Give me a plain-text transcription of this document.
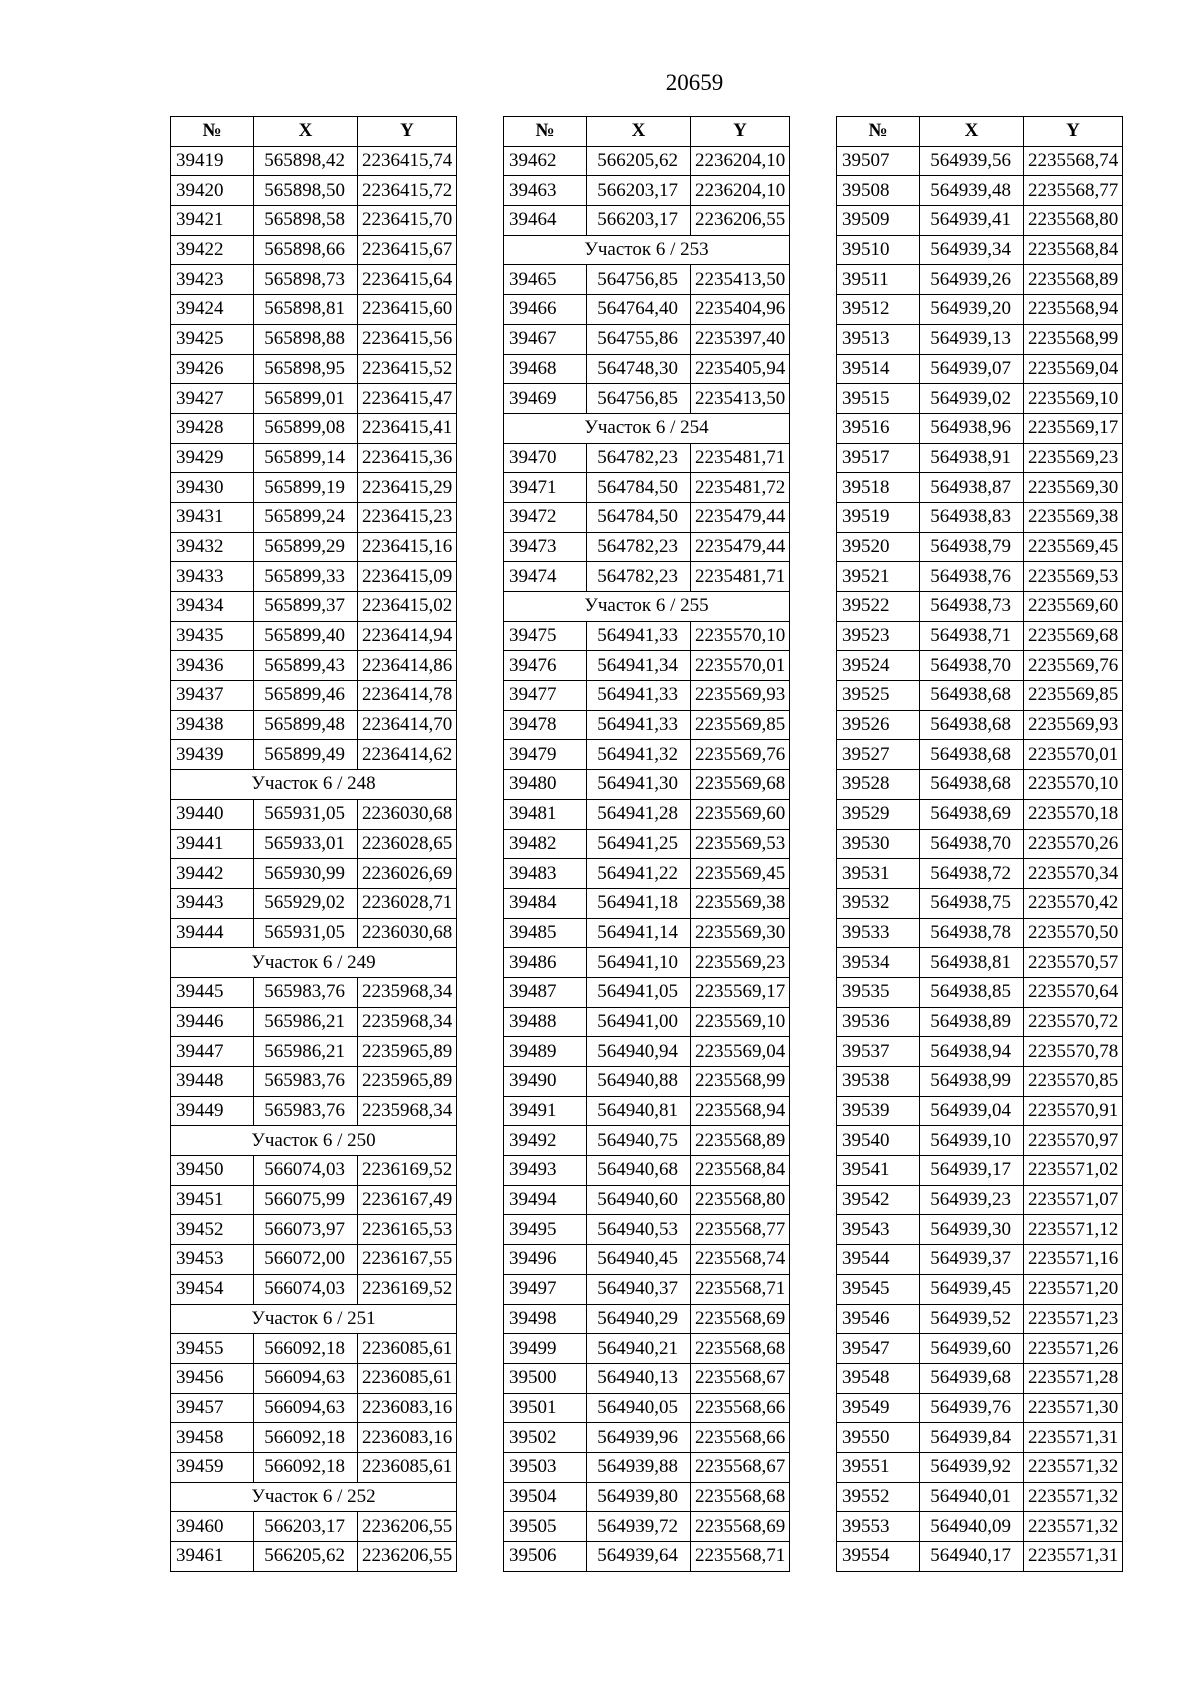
20659
№	X	Y
39419	565898,42	2236415,74
39420	565898,50	2236415,72
39421	565898,58	2236415,70
39422	565898,66	2236415,67
39423	565898,73	2236415,64
39424	565898,81	2236415,60
39425	565898,88	2236415,56
39426	565898,95	2236415,52
39427	565899,01	2236415,47
39428	565899,08	2236415,41
39429	565899,14	2236415,36
39430	565899,19	2236415,29
39431	565899,24	2236415,23
39432	565899,29	2236415,16
39433	565899,33	2236415,09
39434	565899,37	2236415,02
39435	565899,40	2236414,94
39436	565899,43	2236414,86
39437	565899,46	2236414,78
39438	565899,48	2236414,70
39439	565899,49	2236414,62
Участок 6 / 248		
39440	565931,05	2236030,68
39441	565933,01	2236028,65
39442	565930,99	2236026,69
39443	565929,02	2236028,71
39444	565931,05	2236030,68
Участок 6 / 249		
39445	565983,76	2235968,34
39446	565986,21	2235968,34
39447	565986,21	2235965,89
39448	565983,76	2235965,89
39449	565983,76	2235968,34
Участок 6 / 250		
39450	566074,03	2236169,52
39451	566075,99	2236167,49
39452	566073,97	2236165,53
39453	566072,00	2236167,55
39454	566074,03	2236169,52
Участок 6 / 251		
39455	566092,18	2236085,61
39456	566094,63	2236085,61
39457	566094,63	2236083,16
39458	566092,18	2236083,16
39459	566092,18	2236085,61
Участок 6 / 252		
39460	566203,17	2236206,55
39461	566205,62	2236206,55
№	X	Y
39462	566205,62	2236204,10
39463	566203,17	2236204,10
39464	566203,17	2236206,55
Участок 6 / 253		
39465	564756,85	2235413,50
39466	564764,40	2235404,96
39467	564755,86	2235397,40
39468	564748,30	2235405,94
39469	564756,85	2235413,50
Участок 6 / 254		
39470	564782,23	2235481,71
39471	564784,50	2235481,72
39472	564784,50	2235479,44
39473	564782,23	2235479,44
39474	564782,23	2235481,71
Участок 6 / 255		
39475	564941,33	2235570,10
39476	564941,34	2235570,01
39477	564941,33	2235569,93
39478	564941,33	2235569,85
39479	564941,32	2235569,76
39480	564941,30	2235569,68
39481	564941,28	2235569,60
39482	564941,25	2235569,53
39483	564941,22	2235569,45
39484	564941,18	2235569,38
39485	564941,14	2235569,30
39486	564941,10	2235569,23
39487	564941,05	2235569,17
39488	564941,00	2235569,10
39489	564940,94	2235569,04
39490	564940,88	2235568,99
39491	564940,81	2235568,94
39492	564940,75	2235568,89
39493	564940,68	2235568,84
39494	564940,60	2235568,80
39495	564940,53	2235568,77
39496	564940,45	2235568,74
39497	564940,37	2235568,71
39498	564940,29	2235568,69
39499	564940,21	2235568,68
39500	564940,13	2235568,67
39501	564940,05	2235568,66
39502	564939,96	2235568,66
39503	564939,88	2235568,67
39504	564939,80	2235568,68
39505	564939,72	2235568,69
39506	564939,64	2235568,71
№	X	Y
39507	564939,56	2235568,74
39508	564939,48	2235568,77
39509	564939,41	2235568,80
39510	564939,34	2235568,84
39511	564939,26	2235568,89
39512	564939,20	2235568,94
39513	564939,13	2235568,99
39514	564939,07	2235569,04
39515	564939,02	2235569,10
39516	564938,96	2235569,17
39517	564938,91	2235569,23
39518	564938,87	2235569,30
39519	564938,83	2235569,38
39520	564938,79	2235569,45
39521	564938,76	2235569,53
39522	564938,73	2235569,60
39523	564938,71	2235569,68
39524	564938,70	2235569,76
39525	564938,68	2235569,85
39526	564938,68	2235569,93
39527	564938,68	2235570,01
39528	564938,68	2235570,10
39529	564938,69	2235570,18
39530	564938,70	2235570,26
39531	564938,72	2235570,34
39532	564938,75	2235570,42
39533	564938,78	2235570,50
39534	564938,81	2235570,57
39535	564938,85	2235570,64
39536	564938,89	2235570,72
39537	564938,94	2235570,78
39538	564938,99	2235570,85
39539	564939,04	2235570,91
39540	564939,10	2235570,97
39541	564939,17	2235571,02
39542	564939,23	2235571,07
39543	564939,30	2235571,12
39544	564939,37	2235571,16
39545	564939,45	2235571,20
39546	564939,52	2235571,23
39547	564939,60	2235571,26
39548	564939,68	2235571,28
39549	564939,76	2235571,30
39550	564939,84	2235571,31
39551	564939,92	2235571,32
39552	564940,01	2235571,32
39553	564940,09	2235571,32
39554	564940,17	2235571,31
